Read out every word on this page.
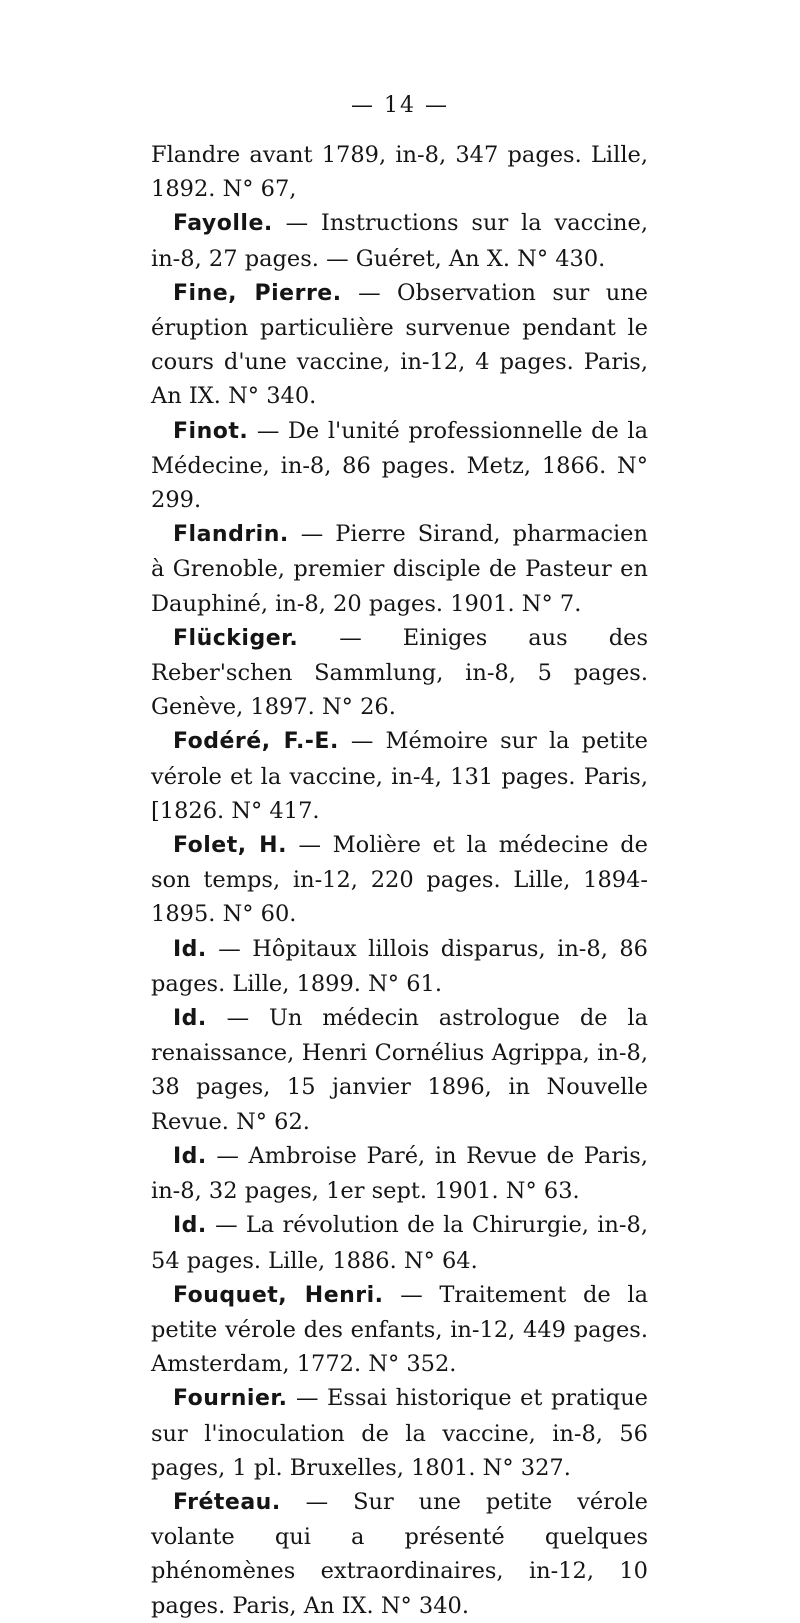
— 14 —

Flandre avant 1789, in-8, 347 pages. Lille, 1892. N° 67,

Fayolle. — Instructions sur la vaccine, in-8, 27 pages. — Guéret, An X. N° 430.

Fine, Pierre. — Observation sur une éruption particulière survenue pendant le cours d'une vaccine, in-12, 4 pages. Paris, An IX. N° 340.

Finot. — De l'unité professionnelle de la Médecine, in-8, 86 pages. Metz, 1866. N° 299.

Flandrin. — Pierre Sirand, pharmacien à Grenoble, premier disciple de Pasteur en Dauphiné, in-8, 20 pages. 1901. N° 7.

Flückiger. — Einiges aus des Reber'schen Sammlung, in-8, 5 pages. Genève, 1897. N° 26.

Fodéré, F.-E. — Mémoire sur la petite vérole et la vaccine, in-4, 131 pages. Paris, [1826. N° 417.

Folet, H. — Molière et la médecine de son temps, in-12, 220 pages. Lille, 1894-1895. N° 60.

Id. — Hôpitaux lillois disparus, in-8, 86 pages. Lille, 1899. N° 61.

Id. — Un médecin astrologue de la renaissance, Henri Cornélius Agrippa, in-8, 38 pages, 15 janvier 1896, in Nouvelle Revue. N° 62.

Id. — Ambroise Paré, in Revue de Paris, in-8, 32 pages, 1er sept. 1901. N° 63.

Id. — La révolution de la Chirurgie, in-8, 54 pages. Lille, 1886. N° 64.

Fouquet, Henri. — Traitement de la petite vérole des enfants, in-12, 449 pages. Amsterdam, 1772. N° 352.

Fournier. — Essai historique et pratique sur l'inoculation de la vaccine, in-8, 56 pages, 1 pl. Bruxelles, 1801. N° 327.

Fréteau. — Sur une petite vérole volante qui a présenté quelques phénomènes extraordinaires, in-12, 10 pages. Paris, An IX. N° 340.
